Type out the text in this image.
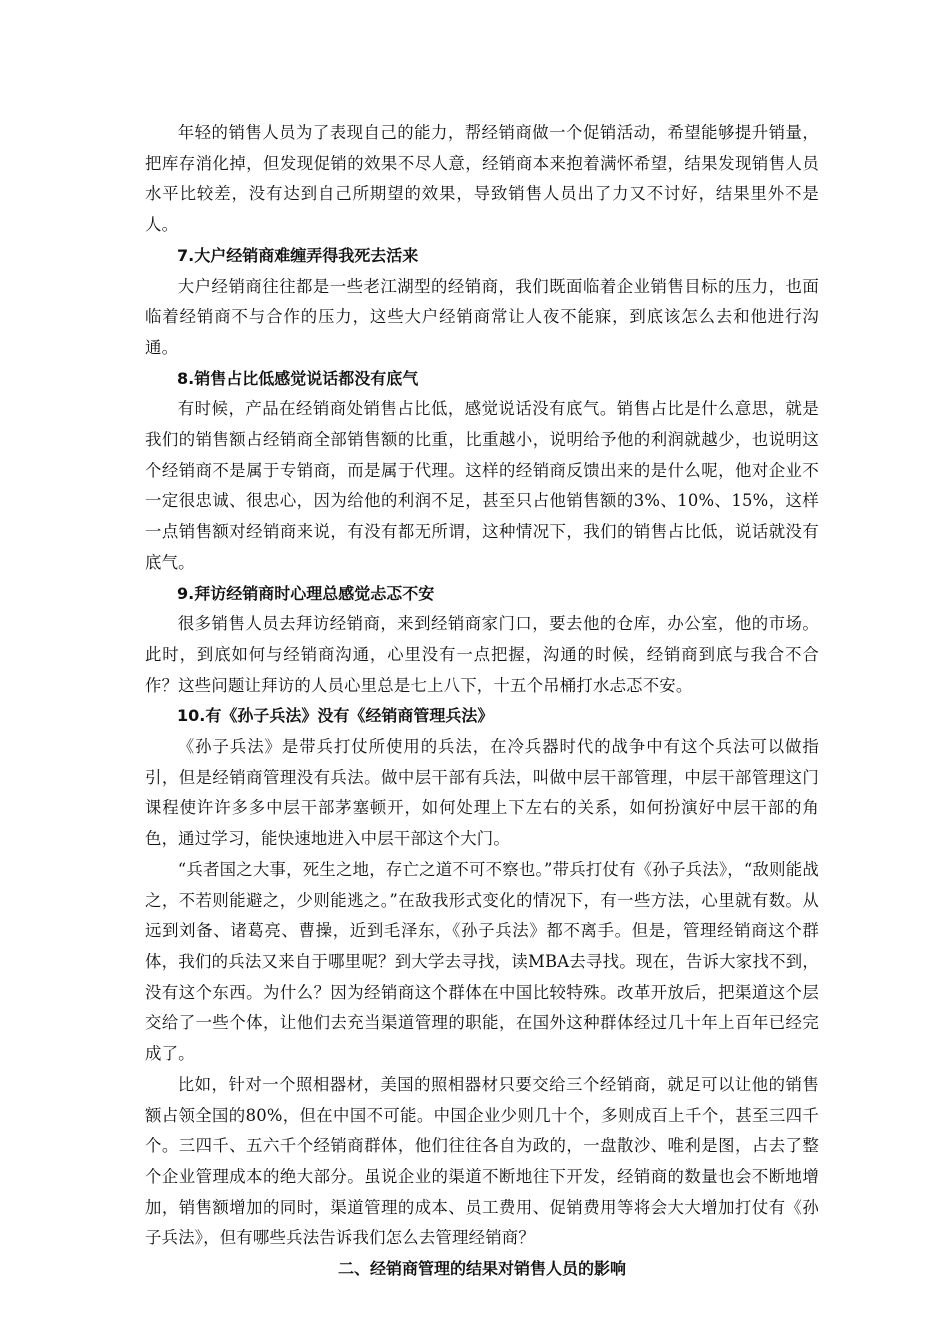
年轻的销售人员为了表现自己的能力，帮经销商做一个促销活动，希望能够提升销量，把库存消化掉，但发现促销的效果不尽人意，经销商本来抱着满怀希望，结果发现销售人员水平比较差，没有达到自己所期望的效果，导致销售人员出了力又不讨好，结果里外不是人。

7.大户经销商难缠弄得我死去活来

大户经销商往往都是一些老江湖型的经销商，我们既面临着企业销售目标的压力，也面临着经销商不与合作的压力，这些大户经销商常让人夜不能寐，到底该怎么去和他进行沟通。

8.销售占比低感觉说话都没有底气

有时候，产品在经销商处销售占比低，感觉说话没有底气。销售占比是什么意思，就是我们的销售额占经销商全部销售额的比重，比重越小，说明给予他的利润就越少，也说明这个经销商不是属于专销商，而是属于代理。这样的经销商反馈出来的是什么呢，他对企业不一定很忠诚、很忠心，因为给他的利润不足，甚至只占他销售额的3%、10%、15%，这样一点销售额对经销商来说，有没有都无所谓，这种情况下，我们的销售占比低，说话就没有底气。

9.拜访经销商时心理总感觉忐忑不安

很多销售人员去拜访经销商，来到经销商家门口，要去他的仓库，办公室，他的市场。此时，到底如何与经销商沟通，心里没有一点把握，沟通的时候，经销商到底与我合不合作？这些问题让拜访的人员心里总是七上八下，十五个吊桶打水忐忑不安。

10.有《孙子兵法》没有《经销商管理兵法》

《孙子兵法》是带兵打仗所使用的兵法，在冷兵器时代的战争中有这个兵法可以做指引，但是经销商管理没有兵法。做中层干部有兵法，叫做中层干部管理，中层干部管理这门课程使许许多多中层干部茅塞顿开，如何处理上下左右的关系，如何扮演好中层干部的角色，通过学习，能快速地进入中层干部这个大门。

“兵者国之大事，死生之地，存亡之道不可不察也。”带兵打仗有《孙子兵法》，“敌则能战之，不若则能避之，少则能逃之。”在敌我形式变化的情况下，有一些方法，心里就有数。从远到刘备、诸葛亮、曹操，近到毛泽东，《孙子兵法》都不离手。但是，管理经销商这个群体，我们的兵法又来自于哪里呢？到大学去寻找，读MBA去寻找。现在，告诉大家找不到，没有这个东西。为什么？因为经销商这个群体在中国比较特殊。改革开放后，把渠道这个层交给了一些个体，让他们去充当渠道管理的职能，在国外这种群体经过几十年上百年已经完成了。

比如，针对一个照相器材，美国的照相器材只要交给三个经销商，就足可以让他的销售额占领全国的80%，但在中国不可能。中国企业少则几十个，多则成百上千个，甚至三四千个。三四千、五六千个经销商群体，他们往往各自为政的，一盘散沙、唯利是图，占去了整个企业管理成本的绝大部分。虽说企业的渠道不断地往下开发，经销商的数量也会不断地增加，销售额增加的同时，渠道管理的成本、员工费用、促销费用等将会大大增加打仗有《孙子兵法》，但有哪些兵法告诉我们怎么去管理经销商？

二、经销商管理的结果对销售人员的影响
